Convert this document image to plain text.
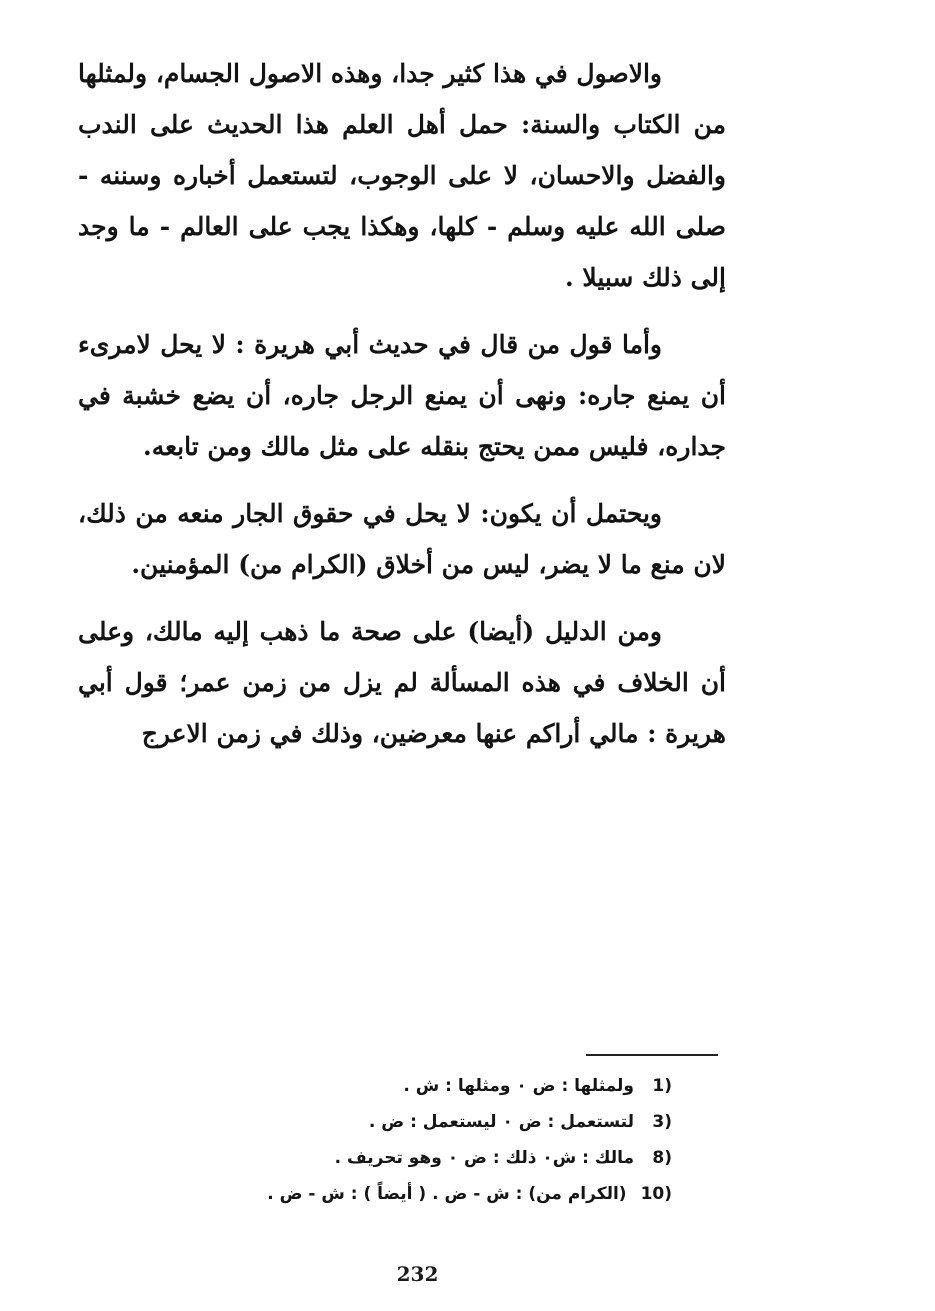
والاصول في هذا كثير جدا، وهذه الاصول الجسام، ولمثلها من الكتاب والسنة: حمل أهل العلم هذا الحديث على الندب والفضل والاحسان، لا على الوجوب، لتستعمل أخباره وسننه - صلى الله عليه وسلم - كلها، وهكذا يجب على العالم - ما وجد إلى ذلك سبيلا .

وأما قول من قال في حديث أبي هريرة : لا يحل لامرىء أن يمنع جاره: ونهى أن يمنع الرجل جاره، أن يضع خشبة في جداره، فليس ممن يحتج بنقله على مثل مالك ومن تابعه.

ويحتمل أن يكون: لا يحل في حقوق الجار منعه من ذلك، لان منع ما لا يضر، ليس من أخلاق (الكرام من) المؤمنين.

ومن الدليل (أيضا) على صحة ما ذهب إليه مالك، وعلى أن الخلاف في هذه المسألة لم يزل من زمن عمر؛ قول أبي هريرة : مالي أراكم عنها معرضين، وذلك في زمن الاعرج

1)ولمثلها : ض ٠ ومثلها : ش .
3)لتستعمل : ض ٠ ليستعمل : ض .
8)مالك : ش٠ ذلك : ض ٠ وهو تحريف .
10)(الكرام من) : ش - ض . ( أيضاً ) : ش - ض .
232
